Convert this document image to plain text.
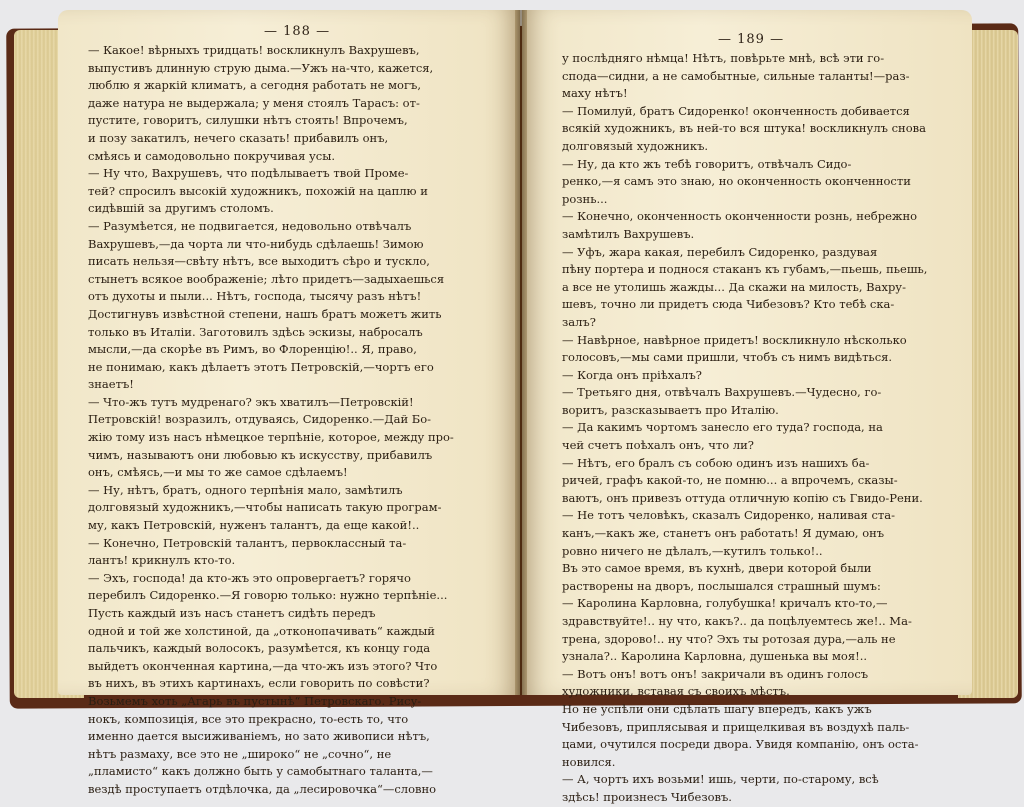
— 188 —
— Какое! вѣрныхъ тридцать! воскликнулъ Вахрушевъ,
выпустивъ длинную струю дыма.—Ужъ на-что, кажется,
люблю я жаркій климатъ, а сегодня работать не могъ,
даже натура не выдержала; у меня стоялъ Тарасъ: от-
пустите, говоритъ, силушки нѣтъ стоять! Впрочемъ,
и позу закатилъ, нечего сказать! прибавилъ онъ,
смѣясь и самодовольно покручивая усы.
— Ну что, Вахрушевъ, что подѣлываетъ твой Проме-
тей? спросилъ высокій художникъ, похожій на цаплю и
сидѣвшій за другимъ столомъ.
— Разумѣется, не подвигается, недовольно отвѣчалъ
Вахрушевъ,—да чорта ли что-нибудь сдѣлаешь! Зимою
писать нельзя—свѣту нѣтъ, все выходитъ сѣро и тускло,
стынетъ всякое воображеніе; лѣто придетъ—задыхаешься
отъ духоты и пыли... Нѣтъ, господа, тысячу разъ нѣтъ!
Достигнувъ извѣстной степени, нашъ братъ можетъ жить
только въ Италіи. Заготовилъ здѣсь эскизы, набросалъ
мысли,—да скорѣе въ Римъ, во Флоренцію!.. Я, право,
не понимаю, какъ дѣлаетъ этотъ Петровскій,—чортъ его
знаетъ!
— Что-жъ тутъ мудренаго? экъ хватилъ—Петровскій!
Петровскій! возразилъ, отдуваясь, Сидоренко.—Дай Бо-
жію тому изъ насъ нѣмецкое терпѣніе, которое, между про-
чимъ, называютъ они любовью къ искусству, прибавилъ
онъ, смѣясь,—и мы то же самое сдѣлаемъ!
— Ну, нѣтъ, братъ, одного терпѣнія мало, замѣтилъ
долговязый художникъ,—чтобы написать такую програм-
му, какъ Петровскій, нуженъ талантъ, да еще какой!..
— Конечно, Петровскій талантъ, первоклассный та-
лантъ! крикнулъ кто-то.
— Эхъ, господа! да кто-жъ это опровергаетъ? горячо
перебилъ Сидоренко.—Я говорю только: нужно терпѣніе...
Пусть каждый изъ насъ станетъ сидѣть передъ
одной и той же холстиной, да „отконопачивать“ каждый
пальчикъ, каждый волосокъ, разумѣется, къ концу года
выйдетъ оконченная картина,—да что-жъ изъ этого? Что
въ нихъ, въ этихъ картинахъ, если говорить по совѣсти?
Возьмемъ хоть „Агарь въ пустынѣ“ Петровскаго. Рису-
нокъ, композиція, все это прекрасно, то-есть то, что
именно дается высиживаніемъ, но зато живописи нѣтъ,
нѣтъ размаху, все это не „широко“ не „сочно“, не
„пламисто“ какъ должно быть у самобытнаго таланта,—
вездѣ проступаетъ отдѣлочка, да „лесировочка“—словно
— 189 —
у послѣдняго нѣмца! Нѣтъ, повѣрьте мнѣ, всѣ эти го-
спода—сидни, а не самобытные, сильные таланты!—раз-
маху нѣтъ!
— Помилуй, братъ Сидоренко! оконченность добивается
всякій художникъ, въ ней-то вся штука! воскликнулъ снова
долговязый художникъ.
— Ну, да кто жъ тебѣ говоритъ, отвѣчалъ Сидо-
ренко,—я самъ это знаю, но оконченность оконченности
рознь...
— Конечно, оконченность оконченности рознь, небрежно
замѣтилъ Вахрушевъ.
— Уфъ, жара какая, перебилъ Сидоренко, раздувая
пѣну портера и поднося стаканъ къ губамъ,—пьешь, пьешь,
а все не утолишь жажды... Да скажи на милость, Вахру-
шевъ, точно ли придетъ сюда Чибезовъ? Кто тебѣ ска-
залъ?
— Навѣрное, навѣрное придетъ! воскликнуло нѣсколько
голосовъ,—мы сами пришли, чтобъ съ нимъ видѣться.
— Когда онъ пріѣхалъ?
— Третьяго дня, отвѣчалъ Вахрушевъ.—Чудесно, го-
воритъ, разсказываетъ про Италію.
— Да какимъ чортомъ занесло его туда? господа, на
чей счетъ поѣхалъ онъ, что ли?
— Нѣтъ, его бралъ съ собою одинъ изъ нашихъ ба-
ричей, графъ какой-то, не помню... а впрочемъ, сказы-
ваютъ, онъ привезъ оттуда отличную копію съ Гвидо-Рени.
— Не тотъ человѣкъ, сказалъ Сидоренко, наливая ста-
канъ,—какъ же, станетъ онъ работать! Я думаю, онъ
ровно ничего не дѣлалъ,—кутилъ только!..
Въ это самое время, въ кухнѣ, двери которой были
растворены на дворъ, послышался страшный шумъ:
— Каролина Карловна, голубушка! кричалъ кто-то,—
здравствуйте!.. ну что, какъ?.. да поцѣлуемтесь же!.. Ма-
трена, здорово!.. ну что? Эхъ ты ротозая дура,—аль не
узнала?.. Каролина Карловна, душенька вы моя!..
— Вотъ онъ! вотъ онъ! закричали въ одинъ голосъ
художники, вставая съ своихъ мѣстъ.
Но не успѣли они сдѣлать шагу впередъ, какъ ужъ
Чибезовъ, приплясывая и прищелкивая въ воздухѣ паль-
цами, очутился посреди двора. Увидя компанію, онъ оста-
новился.
— А, чортъ ихъ возьми! ишь, черти, по-старому, всѣ
здѣсь! произнесъ Чибезовъ.
